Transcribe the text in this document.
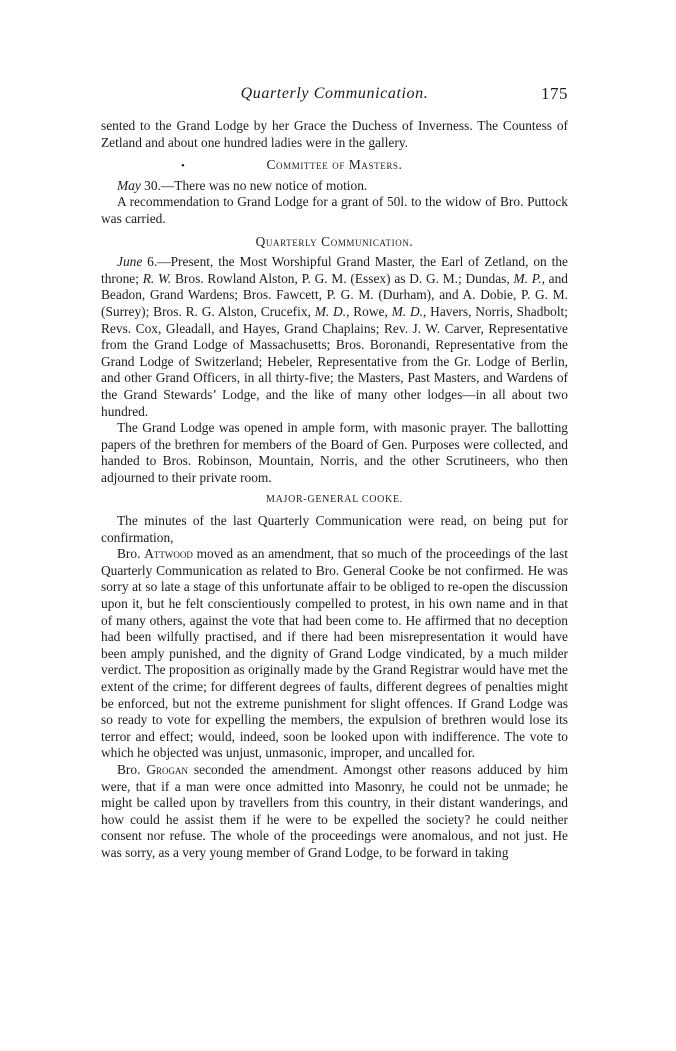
Quarterly Communication.	175

sented to the Grand Lodge by her Grace the Duchess of Inverness. The Countess of Zetland and about one hundred ladies were in the gallery.

•	Committee of Masters.

May 30.—There was no new notice of motion.

A recommendation to Grand Lodge for a grant of 50l. to the widow of Bro. Puttock was carried.

Quarterly Communication.

June 6.—Present, the Most Worshipful Grand Master, the Earl of Zetland, on the throne; R. W. Bros. Rowland Alston, P. G. M. (Essex) as D. G. M.; Dundas, M. P., and Beadon, Grand Wardens; Bros. Fawcett, P. G. M. (Durham), and A. Dobie, P. G. M. (Surrey); Bros. R. G. Alston, Crucefix, M. D., Rowe, M. D., Havers, Norris, Shadbolt; Revs. Cox, Gleadall, and Hayes, Grand Chaplains; Rev. J. W. Carver, Representative from the Grand Lodge of Massachusetts; Bros. Boronandi, Representative from the Grand Lodge of Switzerland; Hebeler, Representative from the Gr. Lodge of Berlin, and other Grand Officers, in all thirty-five; the Masters, Past Masters, and Wardens of the Grand Stewards’ Lodge, and the like of many other lodges—in all about two hundred.

The Grand Lodge was opened in ample form, with masonic prayer. The ballotting papers of the brethren for members of the Board of Gen. Purposes were collected, and handed to Bros. Robinson, Mountain, Norris, and the other Scrutineers, who then adjourned to their private room.

MAJOR-GENERAL COOKE.

The minutes of the last Quarterly Communication were read, on being put for confirmation,

Bro. Attwood moved as an amendment, that so much of the proceedings of the last Quarterly Communication as related to Bro. General Cooke be not confirmed. He was sorry at so late a stage of this unfortunate affair to be obliged to re-open the discussion upon it, but he felt conscientiously compelled to protest, in his own name and in that of many others, against the vote that had been come to. He affirmed that no deception had been wilfully practised, and if there had been misrepresentation it would have been amply punished, and the dignity of Grand Lodge vindicated, by a much milder verdict. The proposition as originally made by the Grand Registrar would have met the extent of the crime; for different degrees of faults, different degrees of penalties might be enforced, but not the extreme punishment for slight offences. If Grand Lodge was so ready to vote for expelling the members, the expulsion of brethren would lose its terror and effect; would, indeed, soon be looked upon with indifference. The vote to which he objected was unjust, unmasonic, improper, and uncalled for.

Bro. Grogan seconded the amendment. Amongst other reasons adduced by him were, that if a man were once admitted into Masonry, he could not be unmade; he might be called upon by travellers from this country, in their distant wanderings, and how could he assist them if he were to be expelled the society? he could neither consent nor refuse. The whole of the proceedings were anomalous, and not just. He was sorry, as a very young member of Grand Lodge, to be forward in taking
